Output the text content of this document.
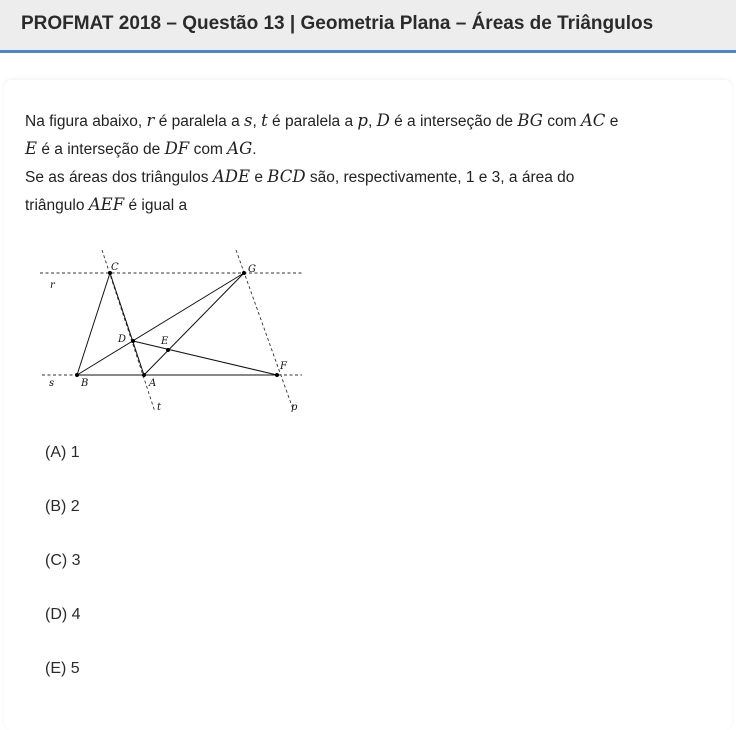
PROFMAT 2018 – Questão 13 | Geometria Plana – Áreas de Triângulos

Na figura abaixo, r é paralela a s, t é paralela a p, D é a interseção de BG com AC e

E é a interseção de DF com AG.

Se as áreas dos triângulos ADE e BCD são, respectivamente, 1 e 3, a área do

triângulo AEF é igual a

C	G
r
D	E
F
s	B	A
t	p
(A) 1
(B) 2
(C) 3
(D) 4
(E) 5
